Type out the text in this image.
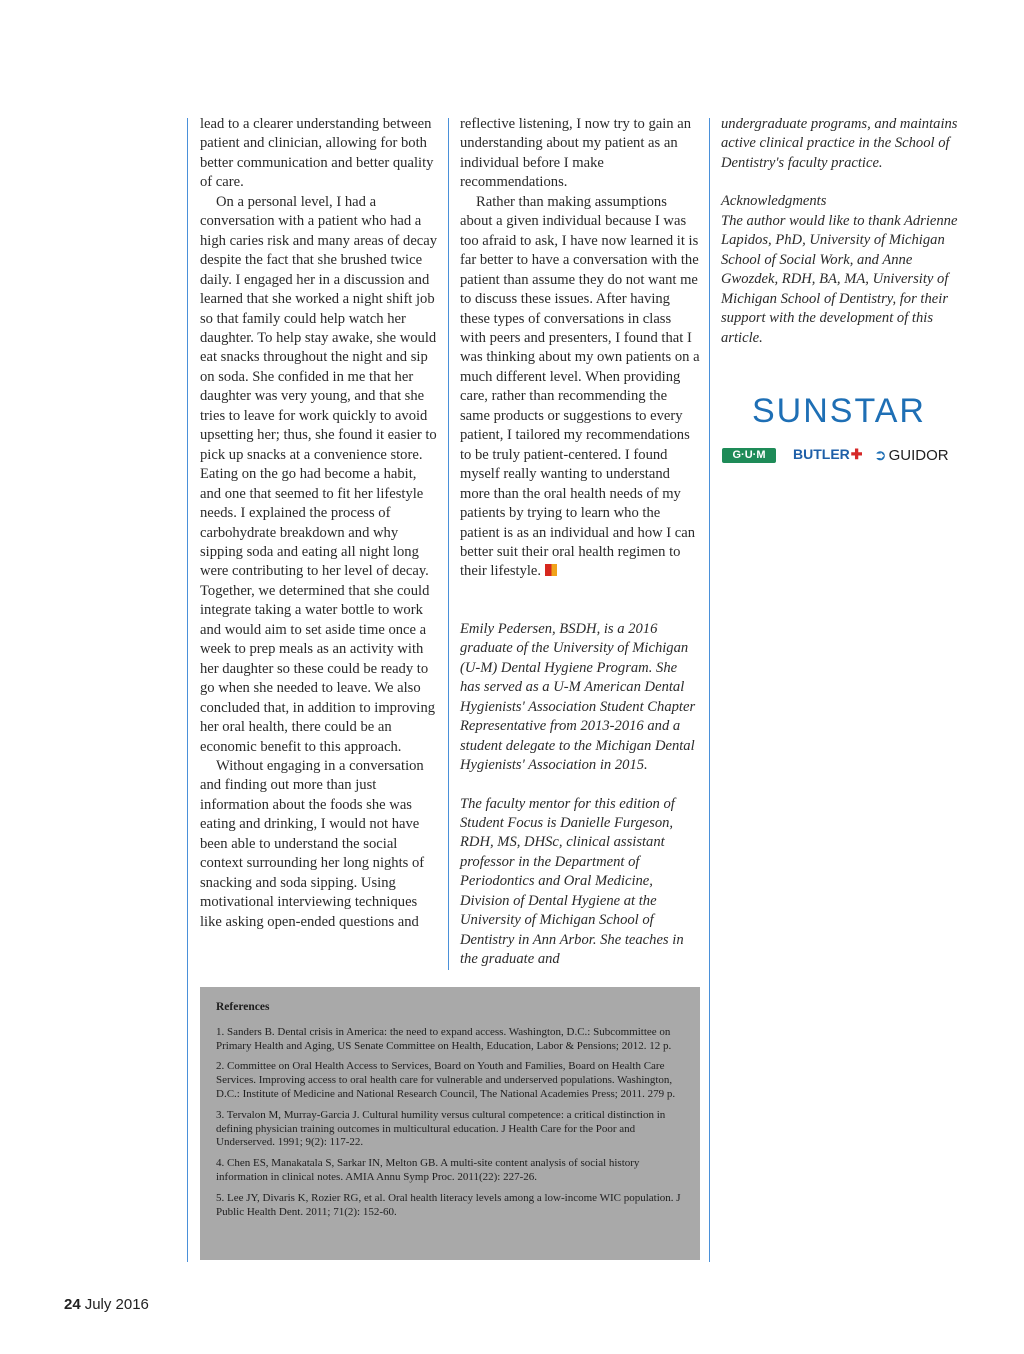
lead to a clearer understanding between patient and clinician, allowing for both better communication and better quality of care.

On a personal level, I had a conversation with a patient who had a high caries risk and many areas of decay despite the fact that she brushed twice daily. I engaged her in a discussion and learned that she worked a night shift job so that family could help watch her daughter. To help stay awake, she would eat snacks throughout the night and sip on soda. She confided in me that her daughter was very young, and that she tries to leave for work quickly to avoid upsetting her; thus, she found it easier to pick up snacks at a convenience store. Eating on the go had become a habit, and one that seemed to fit her lifestyle needs. I explained the process of carbohydrate breakdown and why sipping soda and eating all night long were contributing to her level of decay. Together, we determined that she could integrate taking a water bottle to work and would aim to set aside time once a week to prep meals as an activity with her daughter so these could be ready to go when she needed to leave. We also concluded that, in addition to improving her oral health, there could be an economic benefit to this approach.

Without engaging in a conversation and finding out more than just information about the foods she was eating and drinking, I would not have been able to understand the social context surrounding her long nights of snacking and soda sipping. Using motivational interviewing techniques like asking open-ended questions and

reflective listening, I now try to gain an understanding about my patient as an individual before I make recommendations.

Rather than making assumptions about a given individual because I was too afraid to ask, I have now learned it is far better to have a conversation with the patient than assume they do not want me to discuss these issues. After having these types of conversations in class with peers and presenters, I found that I was thinking about my own patients on a much different level. When providing care, rather than recommending the same products or suggestions to every patient, I tailored my recommendations to be truly patient-centered. I found myself really wanting to understand more than the oral health needs of my patients by trying to learn who the patient is as an individual and how I can better suit their oral health regimen to their lifestyle.

Emily Pedersen, BSDH, is a 2016 graduate of the University of Michigan (U-M) Dental Hygiene Program. She has served as a U-M American Dental Hygienists' Association Student Chapter Representative from 2013-2016 and a student delegate to the Michigan Dental Hygienists' Association in 2015.

The faculty mentor for this edition of Student Focus is Danielle Furgeson, RDH, MS, DHSc, clinical assistant professor in the Department of Periodontics and Oral Medicine, Division of Dental Hygiene at the University of Michigan School of Dentistry in Ann Arbor. She teaches in the graduate and

undergraduate programs, and maintains active clinical practice in the School of Dentistry's faculty practice.

Acknowledgments

The author would like to thank Adrienne Lapidos, PhD, University of Michigan School of Social Work, and Anne Gwozdek, RDH, BA, MA, University of Michigan School of Dentistry, for their support with the development of this article.

SUNSTAR
G·U·M	BUTLER✚ ➲ GUIDOR
References

1. Sanders B. Dental crisis in America: the need to expand access. Washington, D.C.: Subcommittee on Primary Health and Aging, US Senate Committee on Health, Education, Labor & Pensions; 2012. 12 p.

2. Committee on Oral Health Access to Services, Board on Youth and Families, Board on Health Care Services. Improving access to oral health care for vulnerable and underserved populations. Washington, D.C.: Institute of Medicine and National Research Council, The National Academies Press; 2011. 279 p.

3. Tervalon M, Murray-Garcia J. Cultural humility versus cultural competence: a critical distinction in defining physician training outcomes in multicultural education. J Health Care for the Poor and Underserved. 1991; 9(2): 117-22.

4. Chen ES, Manakatala S, Sarkar IN, Melton GB. A multi-site content analysis of social history information in clinical notes. AMIA Annu Symp Proc. 2011(22): 227-26.

5. Lee JY, Divaris K, Rozier RG, et al. Oral health literacy levels among a low-income WIC population. J Public Health Dent. 2011; 71(2): 152-60.

24 July 2016
